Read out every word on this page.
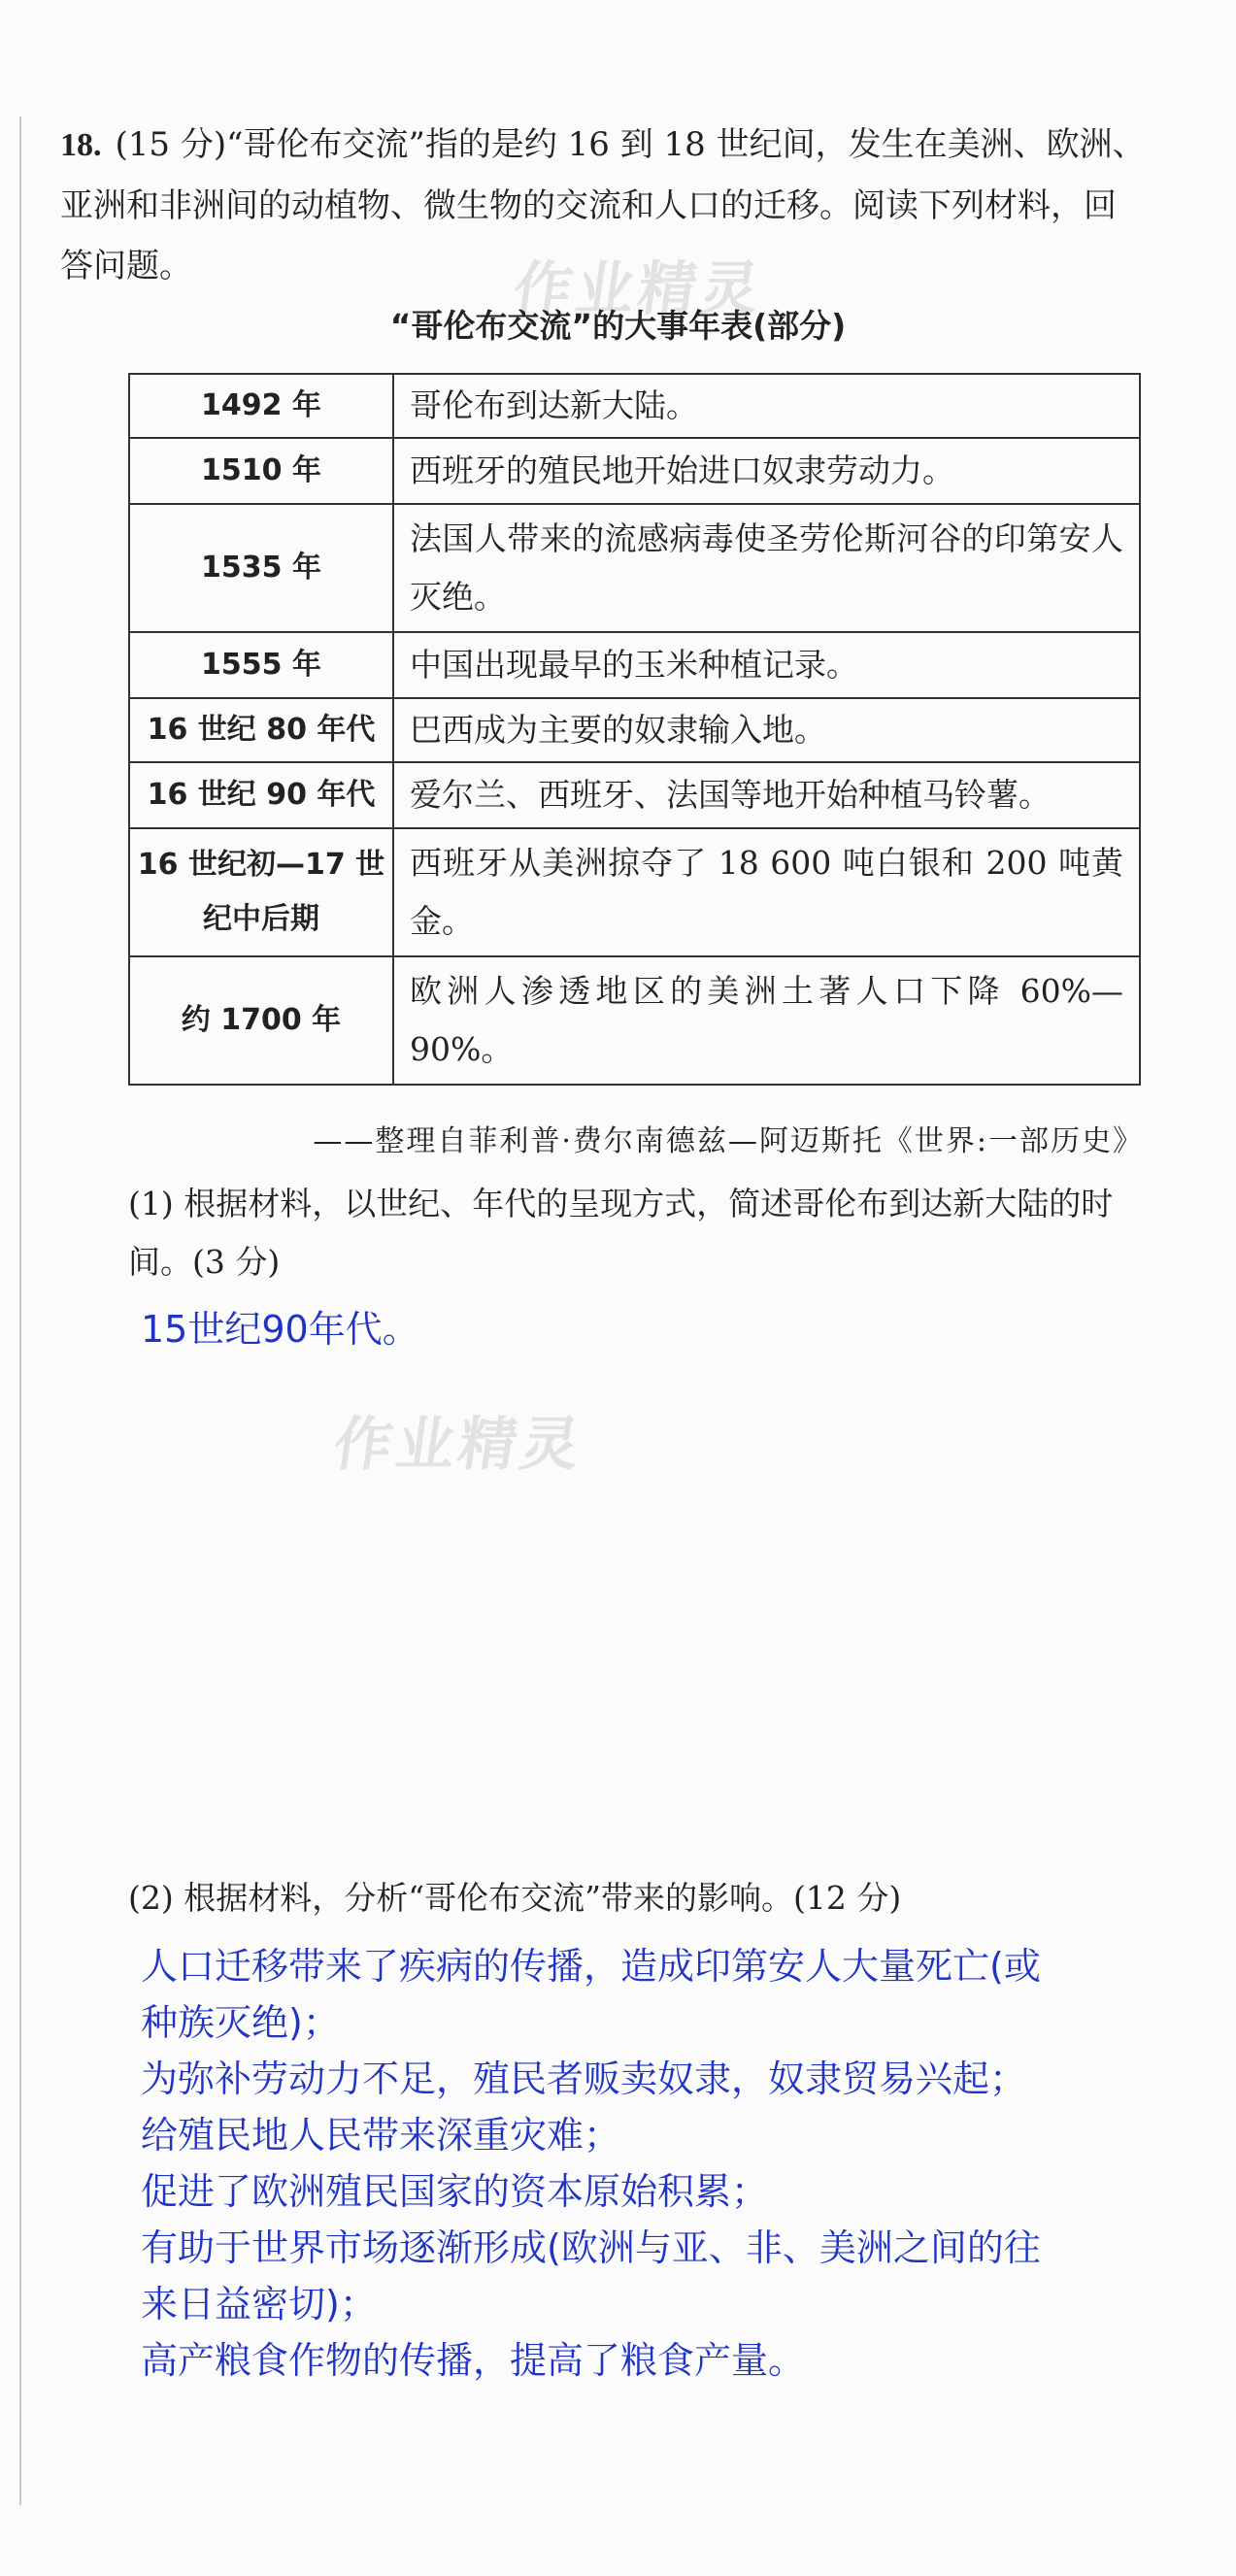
作业精灵
18. (15 分)“哥伦布交流”指的是约 16 到 18 世纪间，发生在美洲、欧洲、亚洲和非洲间的动植物、微生物的交流和人口的迁移。阅读下列材料，回答问题。
“哥伦布交流”的大事年表(部分)
1492 年	哥伦布到达新大陆。
1510 年	西班牙的殖民地开始进口奴隶劳动力。
1535 年	法国人带来的流感病毒使圣劳伦斯河谷的印第安人灭绝。
1555 年	中国出现最早的玉米种植记录。
16 世纪 80 年代	巴西成为主要的奴隶输入地。
16 世纪 90 年代	爱尔兰、西班牙、法国等地开始种植马铃薯。
16 世纪初—17 世纪中后期	西班牙从美洲掠夺了 18 600 吨白银和 200 吨黄金。
约 1700 年	欧洲人渗透地区的美洲土著人口下降 60%—90%。
——整理自菲利普·费尔南德兹—阿迈斯托《世界:一部历史》
(1) 根据材料，以世纪、年代的呈现方式，简述哥伦布到达新大陆的时间。(3 分)
15世纪90年代。
作业精灵
(2) 根据材料，分析“哥伦布交流”带来的影响。(12 分)
人口迁移带来了疾病的传播，造成印第安人大量死亡(或
种族灭绝)；
为弥补劳动力不足，殖民者贩卖奴隶，奴隶贸易兴起；
给殖民地人民带来深重灾难；
促进了欧洲殖民国家的资本原始积累；
有助于世界市场逐渐形成(欧洲与亚、非、美洲之间的往
来日益密切)；
高产粮食作物的传播，提高了粮食产量。
